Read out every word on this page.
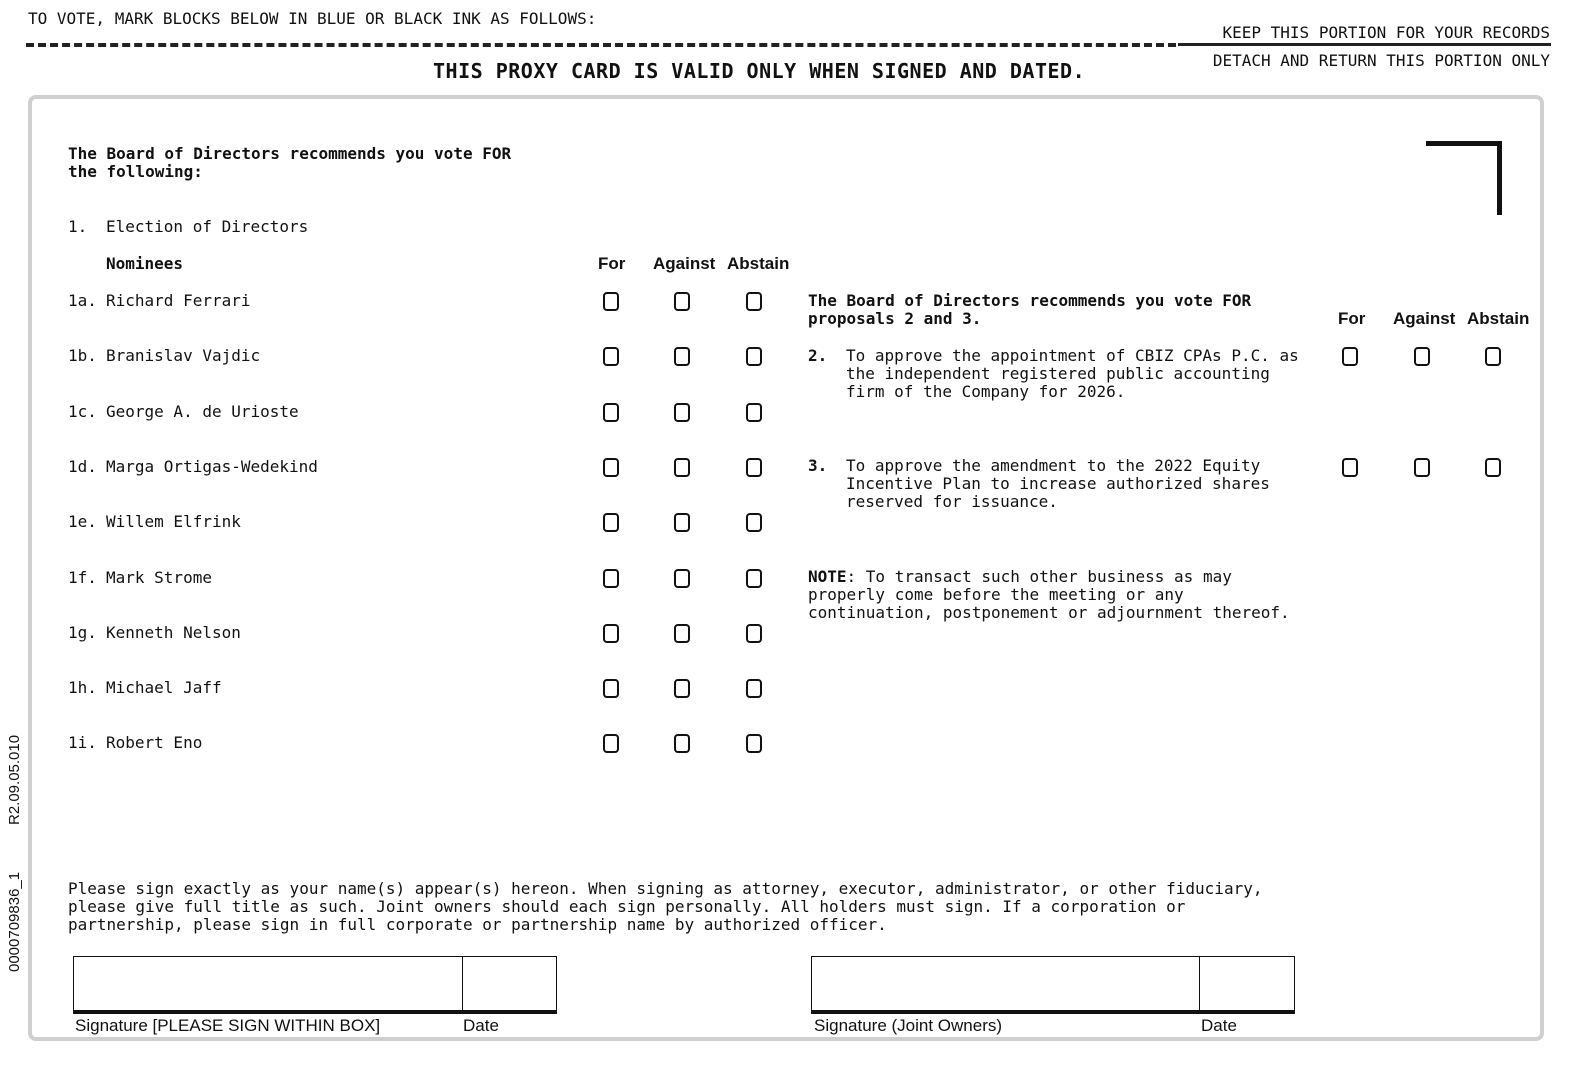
TO VOTE, MARK BLOCKS BELOW IN BLUE OR BLACK INK AS FOLLOWS:
KEEP THIS PORTION FOR YOUR RECORDS
THIS PROXY CARD IS VALID ONLY WHEN SIGNED AND DATED.	DETACH AND RETURN THIS PORTION ONLY
0000709836_1
R2.09.05.010
The Board of Directors recommends you vote FOR
the following:
1. Election of Directors
Nominees	For Against Abstain
1a. Richard Ferrari
1b. Branislav Vajdic
1c. George A. de Urioste
1d. Marga Ortigas-Wedekind
1e. Willem Elfrink
1f. Mark Strome
1g. Kenneth Nelson
1h. Michael Jaff
1i. Robert Eno
The Board of Directors recommends you vote FOR
proposals 2 and 3.	For Against Abstain
2. To approve the appointment of CBIZ CPAs P.C. as
the independent registered public accounting
firm of the Company for 2026.
3. To approve the amendment to the 2022 Equity
Incentive Plan to increase authorized shares
reserved for issuance.
NOTE: To transact such other business as may
properly come before the meeting or any
continuation, postponement or adjournment thereof.
Please sign exactly as your name(s) appear(s) hereon. When signing as attorney, executor, administrator, or other fiduciary,
please give full title as such. Joint owners should each sign personally. All holders must sign. If a corporation or
partnership, please sign in full corporate or partnership name by authorized officer.
Signature [PLEASE SIGN WITHIN BOX]	Date	Signature (Joint Owners)	Date
